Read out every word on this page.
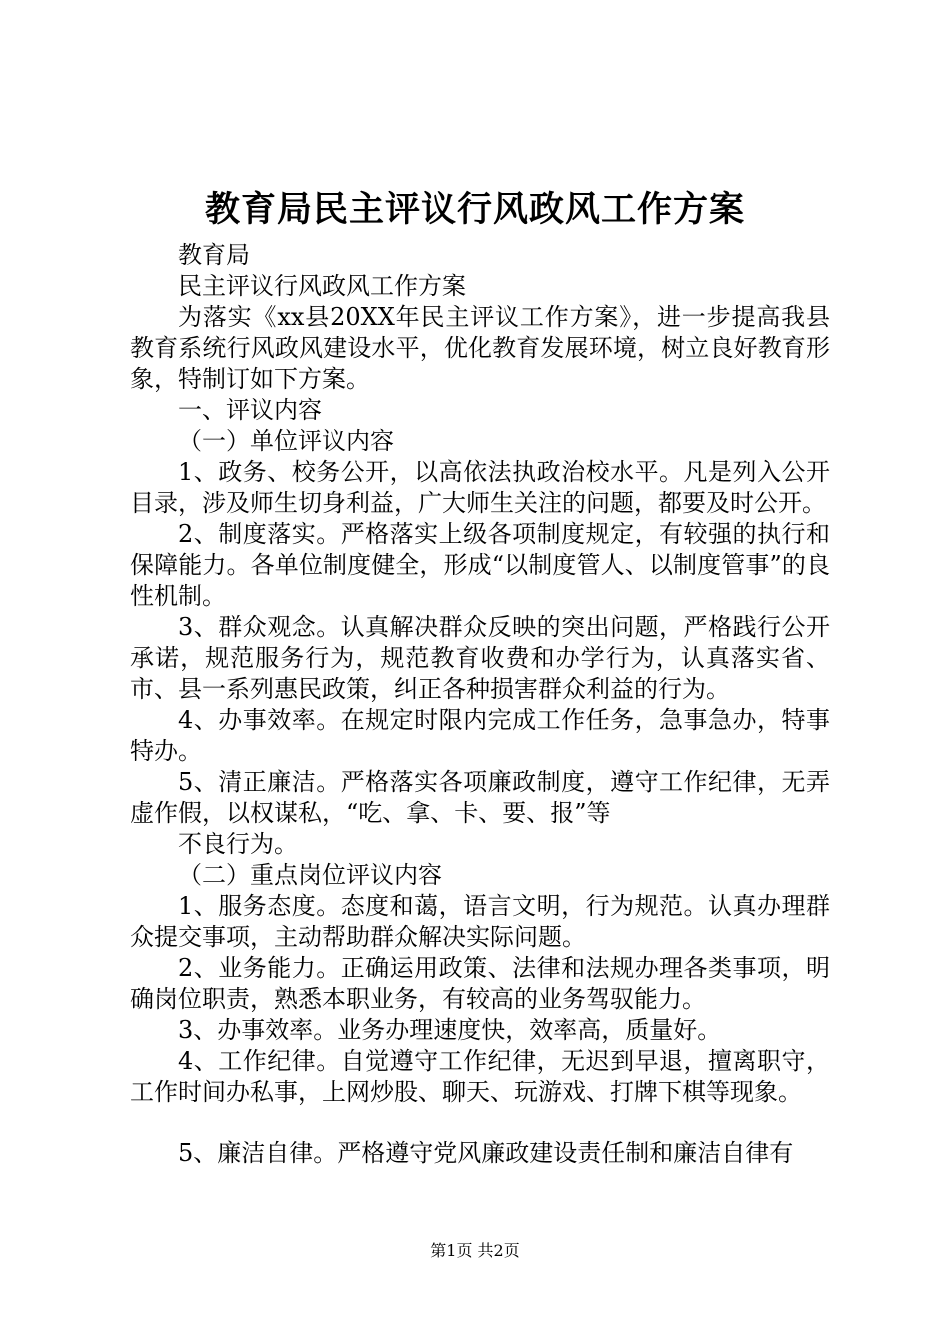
教育局民主评议行风政风工作方案

教育局

民主评议行风政风工作方案

为落实《xx县20XX年民主评议工作方案》，进一步提高我县教育系统行风政风建设水平，优化教育发展环境，树立良好教育形象，特制订如下方案。

一、评议内容

（一）单位评议内容

1、政务、校务公开，以高依法执政治校水平。凡是列入公开目录，涉及师生切身利益，广大师生关注的问题，都要及时公开。

2、制度落实。严格落实上级各项制度规定，有较强的执行和保障能力。各单位制度健全，形成“以制度管人、以制度管事”的良性机制。

3、群众观念。认真解决群众反映的突出问题，严格践行公开承诺，规范服务行为，规范教育收费和办学行为，认真落实省、市、县一系列惠民政策，纠正各种损害群众利益的行为。

4、办事效率。在规定时限内完成工作任务，急事急办，特事特办。

5、清正廉洁。严格落实各项廉政制度，遵守工作纪律，无弄虚作假，以权谋私，“吃、拿、卡、要、报”等

不良行为。

（二）重点岗位评议内容

1、服务态度。态度和蔼，语言文明，行为规范。认真办理群众提交事项，主动帮助群众解决实际问题。

2、业务能力。正确运用政策、法律和法规办理各类事项，明确岗位职责，熟悉本职业务，有较高的业务驾驭能力。

3、办事效率。业务办理速度快，效率高，质量好。

4、工作纪律。自觉遵守工作纪律，无迟到早退，擅离职守，工作时间办私事，上网炒股、聊天、玩游戏、打牌下棋等现象。

5、廉洁自律。严格遵守党风廉政建设责任制和廉洁自律有

第1页 共2页
